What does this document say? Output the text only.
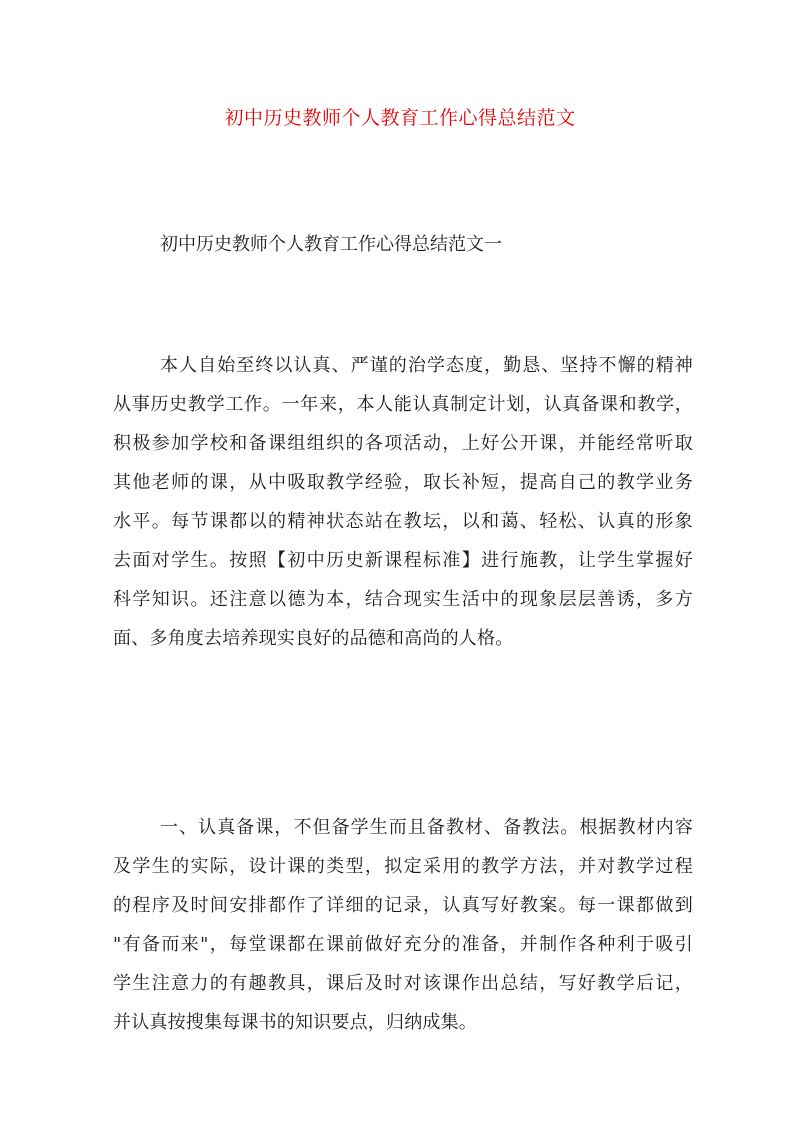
初中历史教师个人教育工作心得总结范文

初中历史教师个人教育工作心得总结范文一

本人自始至终以认真、严谨的治学态度，勤恳、坚持不懈的精神
从事历史教学工作。一年来，本人能认真制定计划，认真备课和教学，
积极参加学校和备课组组织的各项活动，上好公开课，并能经常听取
其他老师的课，从中吸取教学经验，取长补短，提高自己的教学业务
水平。每节课都以的精神状态站在教坛，以和蔼、轻松、认真的形象
去面对学生。按照【初中历史新课程标准】进行施教，让学生掌握好
科学知识。还注意以德为本，结合现实生活中的现象层层善诱，多方
面、多角度去培养现实良好的品德和高尚的人格。
一、认真备课，不但备学生而且备教材、备教法。根据教材内容
及学生的实际，设计课的类型，拟定采用的教学方法，并对教学过程
的程序及时间安排都作了详细的记录，认真写好教案。每一课都做到
"有备而来"，每堂课都在课前做好充分的准备，并制作各种利于吸引
学生注意力的有趣教具，课后及时对该课作出总结，写好教学后记，
并认真按搜集每课书的知识要点，归纳成集。
